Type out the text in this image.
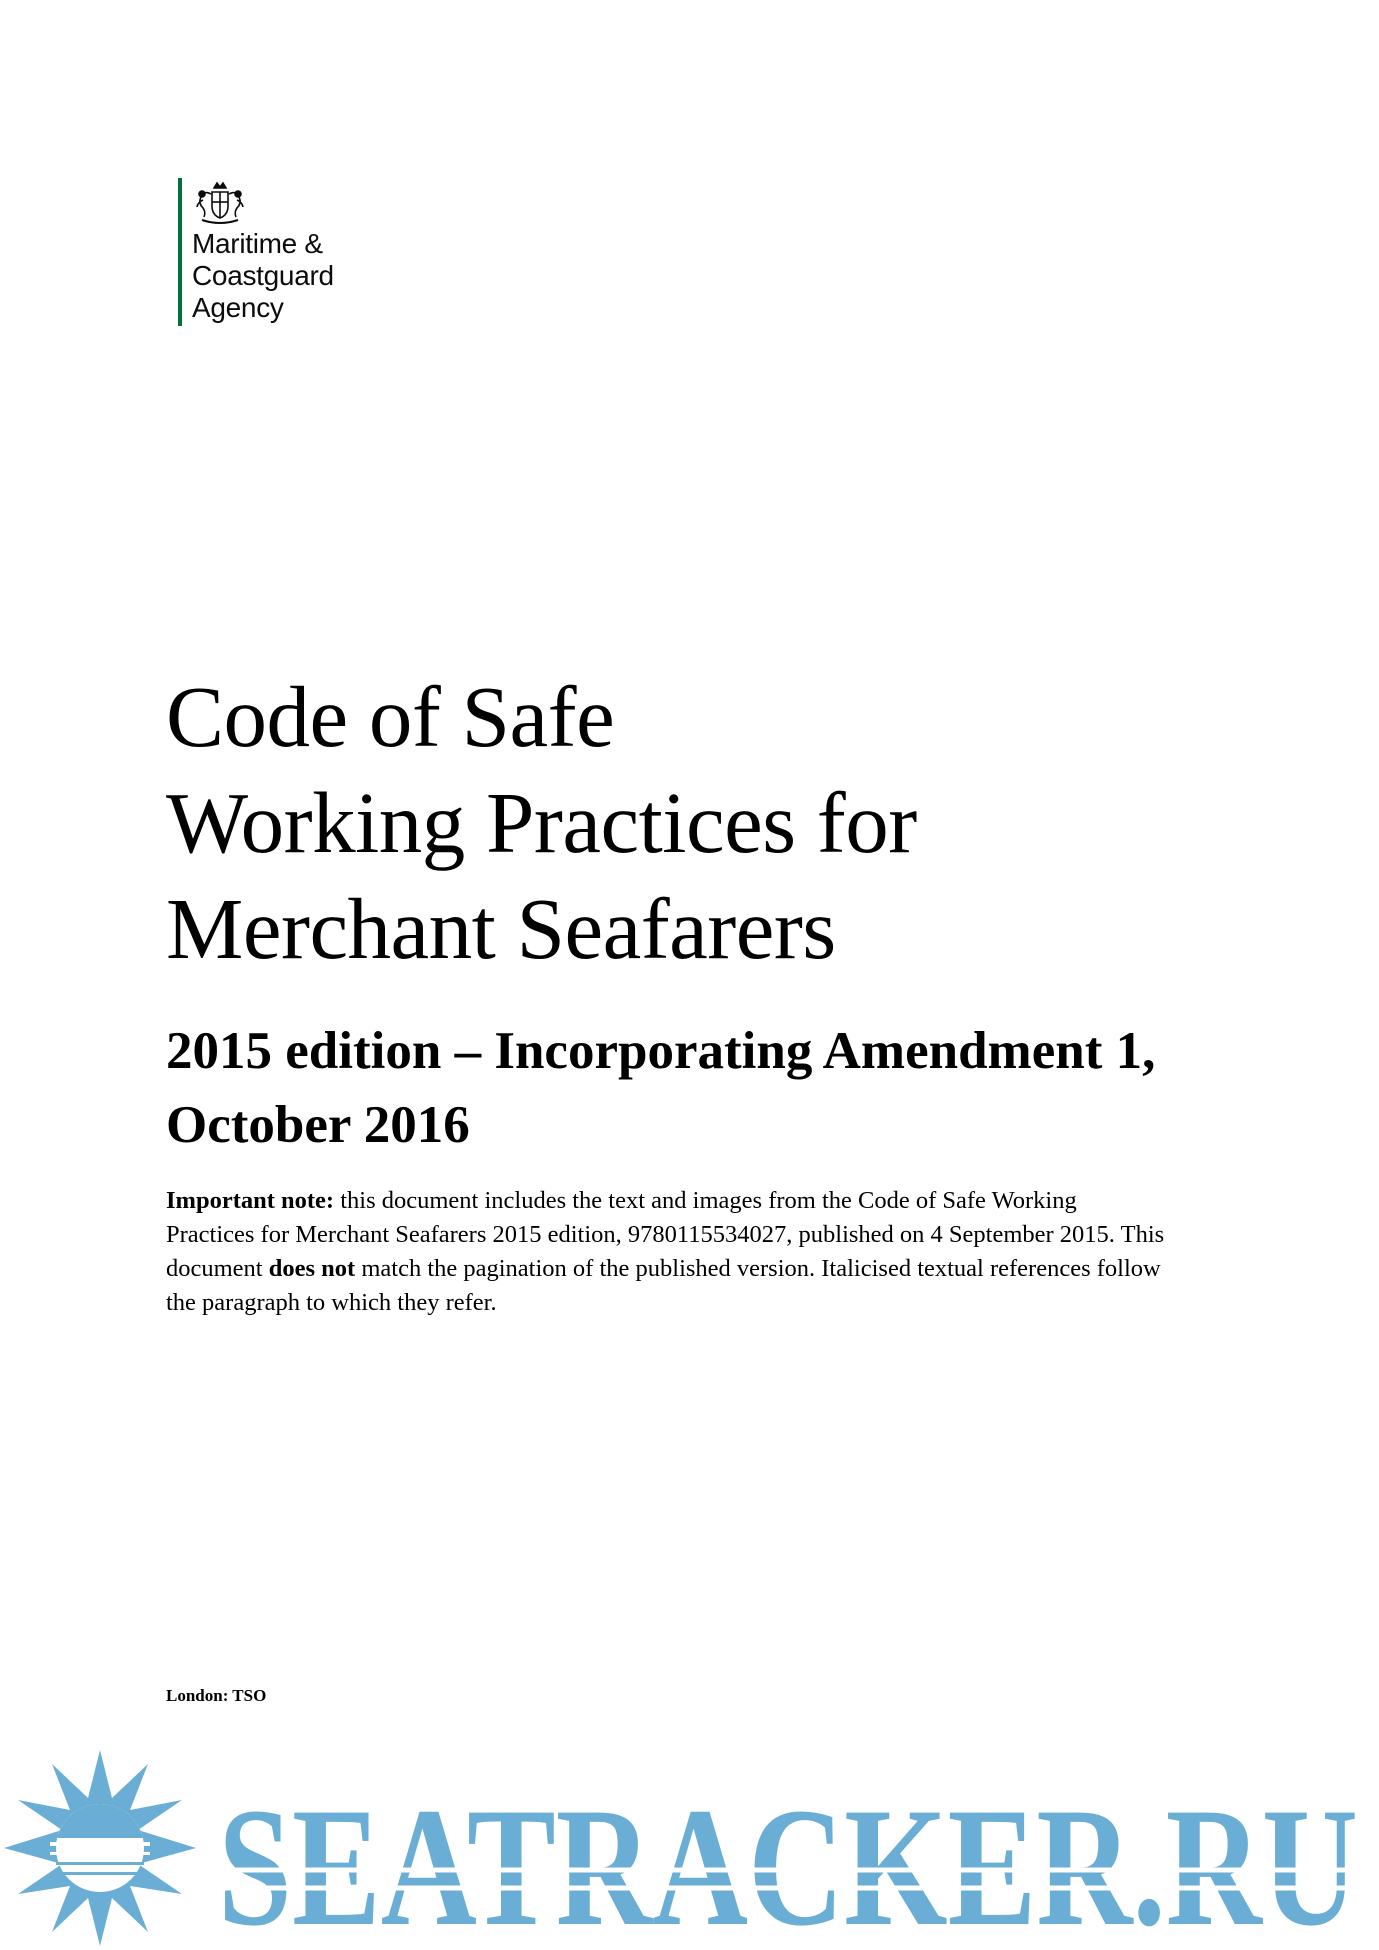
Maritime &
Coastguard
Agency
Code of Safe
Working Practices for
Merchant Seafarers
2015 edition – Incorporating Amendment 1,
October 2016

Important note: this document includes the text and images from the Code of Safe Working
Practices for Merchant Seafarers 2015 edition, 9780115534027, published on 4 September 2015. This
document does not match the pagination of the published version. Italicised textual references follow
the paragraph to which they refer.

London: TSO

SEATRACKER.RU
